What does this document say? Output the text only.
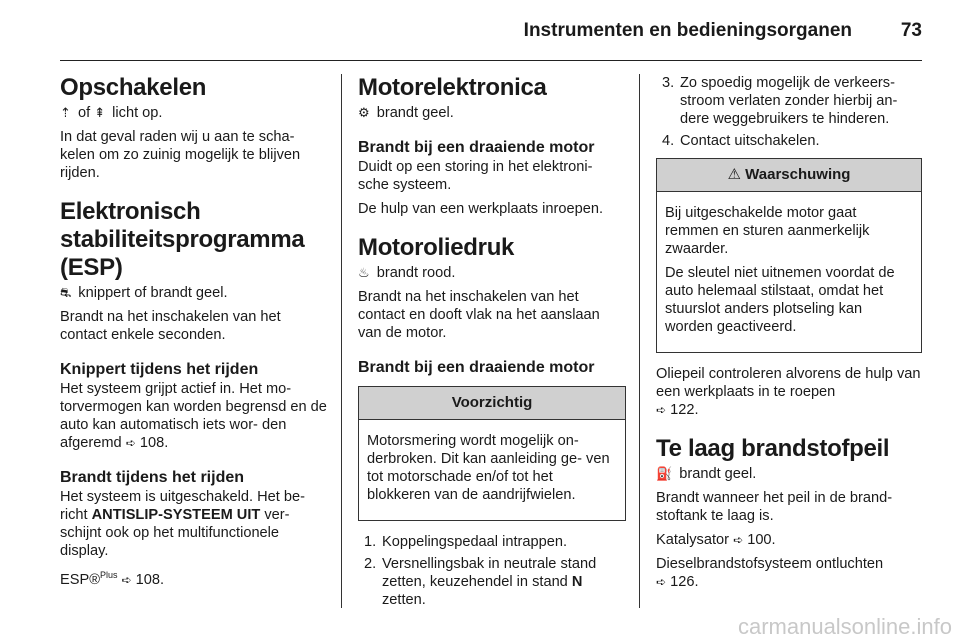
Instrumenten en bedieningsorganen	73
Opschakelen

⇡ of ⇞ licht op.

In dat geval raden wij u aan te scha- kelen om zo zuinig mogelijk te blijven rijden.

Elektronisch stabiliteitsprogramma (ESP)

⛐ knippert of brandt geel.

Brandt na het inschakelen van het contact enkele seconden.

Knippert tijdens het rijden

Het systeem grijpt actief in. Het mo- torvermogen kan worden begrensd en de auto kan automatisch iets wor- den afgeremd ➪ 108.

Brandt tijdens het rijden

Het systeem is uitgeschakeld. Het be- richt ANTISLIP-SYSTEEM UIT ver- schijnt ook op het multifunctionele display.

ESP®$^{Plus}$ ➪ 108.

Motorelektronica

⚙ brandt geel.

Brandt bij een draaiende motor

Duidt op een storing in het elektroni- sche systeem.

De hulp van een werkplaats inroepen.

Motoroliedruk

♨ brandt rood.

Brandt na het inschakelen van het contact en dooft vlak na het aanslaan van de motor.

Brandt bij een draaiende motor
Voorzichtig

Motorsmering wordt mogelijk on- derbroken. Dit kan aanleiding ge- ven tot motorschade en/of tot het blokkeren van de aandrijfwielen.

1. Koppelingspedaal intrappen.
2. Versnellingsbak in neutrale stand zetten, keuzehendel in stand N zetten.
3. Zo spoedig mogelijk de verkeers- stroom verlaten zonder hierbij an- dere weggebruikers te hinderen.
4. Contact uitschakelen.
⚠ Waarschuwing

Bij uitgeschakelde motor gaat remmen en sturen aanmerkelijk zwaarder.

De sleutel niet uitnemen voordat de auto helemaal stilstaat, omdat het stuurslot anders plotseling kan worden geactiveerd.

Oliepeil controleren alvorens de hulp van een werkplaats in te roepen
➪ 122.

Te laag brandstofpeil

⛽ brandt geel.

Brandt wanneer het peil in de brand- stoftank te laag is.

Katalysator ➪ 100.

Dieselbrandstofsysteem ontluchten
➪ 126.

carmanualsonline.info
